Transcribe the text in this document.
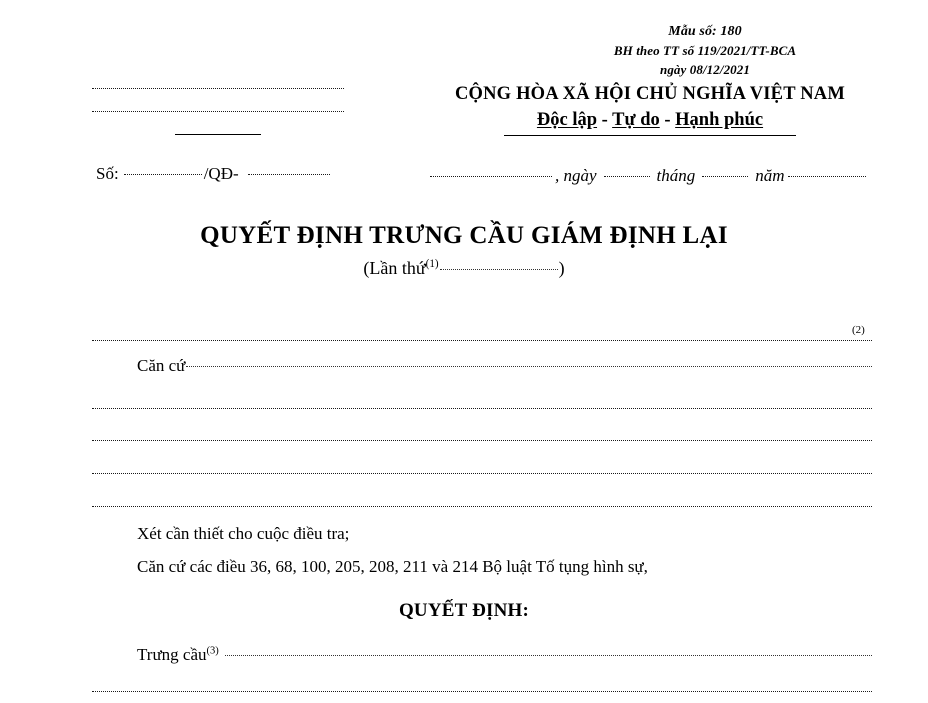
Mẫu số: 180
BH theo TT số 119/2021/TT-BCA
ngày 08/12/2021
Số:	/QĐ-
CỘNG HÒA XÃ HỘI CHỦ NGHĨA VIỆT NAM
Độc lập - Tự do - Hạnh phúc
, ngày	tháng	năm
QUYẾT ĐỊNH TRƯNG CẦU GIÁM ĐỊNH LẠI
(Lần thứ$^{(1)}$	)
(2)
Căn cứ
Xét cần thiết cho cuộc điều tra;
Căn cứ các điều 36, 68, 100, 205, 208, 211 và 214 Bộ luật Tố tụng hình sự,
QUYẾT ĐỊNH:
Trưng cầu$^{(3)}$
